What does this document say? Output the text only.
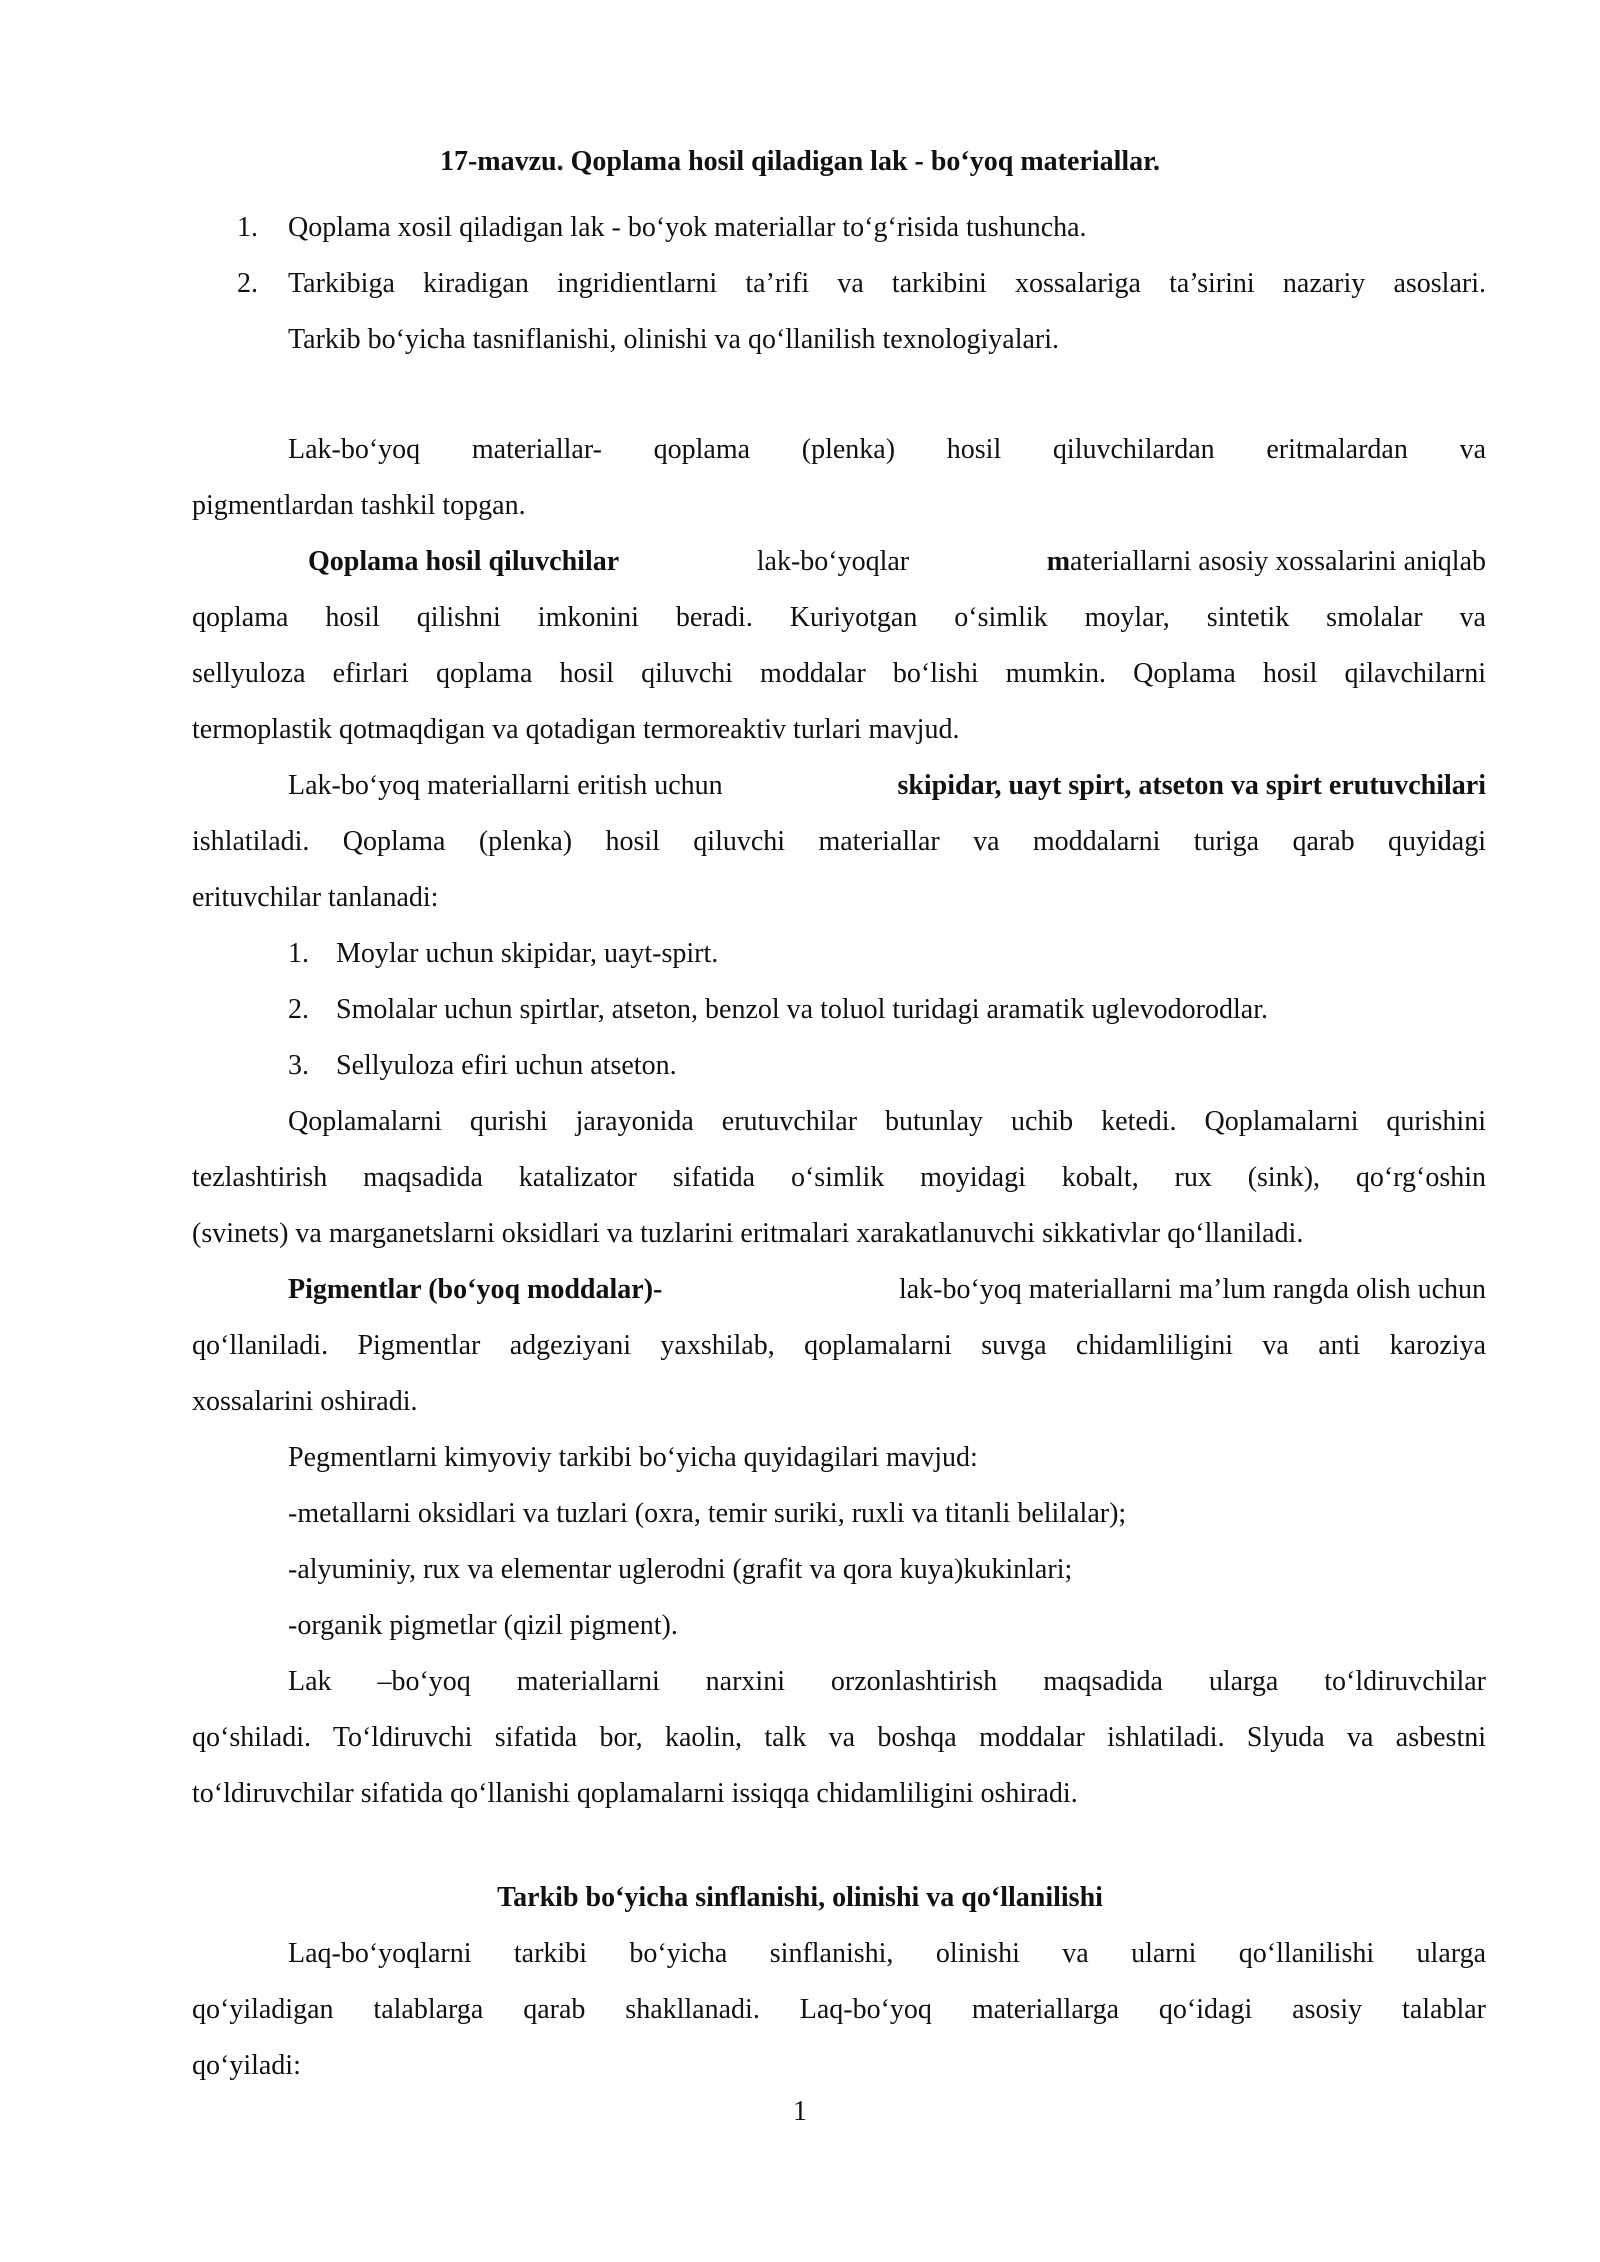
17-mavzu. Qoplama hosil qiladigan lak - bo‘yoq materiallar.
1. Qoplama xosil qiladigan lak - bo‘yok materiallar to‘g‘risida tushuncha.
2. Tarkibiga kiradigan ingridientlarni ta’rifi va tarkibini xossalariga ta’sirini nazariy asoslari.
Tarkib bo‘yicha tasniflanishi, olinishi va qo‘llanilish texnologiyalari.
Lak-bo‘yoq materiallar- qoplama (plenka) hosil qiluvchilardan eritmalardan va
pigmentlardan tashkil topgan.
Qoplama hosil qiluvchilar	lak-bo‘yoqlar	materiallarni asosiy xossalarini aniqlab
qoplama hosil qilishni imkonini beradi. Kuriyotgan o‘simlik moylar, sintetik smolalar va
sellyuloza efirlari qoplama hosil qiluvchi moddalar bo‘lishi mumkin. Qoplama hosil qilavchilarni
termoplastik qotmaqdigan va qotadigan termoreaktiv turlari mavjud.
Lak-bo‘yoq materiallarni eritish uchun	skipidar, uayt spirt, atseton va spirt erutuvchilari
ishlatiladi. Qoplama (plenka) hosil qiluvchi materiallar va moddalarni turiga qarab quyidagi
erituvchilar tanlanadi:
1. Moylar uchun skipidar, uayt-spirt.
2. Smolalar uchun spirtlar, atseton, benzol va toluol turidagi aramatik uglevodorodlar.
3. Sellyuloza efiri uchun atseton.
Qoplamalarni qurishi jarayonida erutuvchilar butunlay uchib ketedi. Qoplamalarni qurishini
tezlashtirish maqsadida katalizator sifatida o‘simlik moyidagi kobalt, rux (sink), qo‘rg‘oshin
(svinets) va marganetslarni oksidlari va tuzlarini eritmalari xarakatlanuvchi sikkativlar qo‘llaniladi.
Pigmentlar (bo‘yoq moddalar)-	lak-bo‘yoq materiallarni ma’lum rangda olish uchun
qo‘llaniladi. Pigmentlar adgeziyani yaxshilab, qoplamalarni suvga chidamliligini va anti karoziya
xossalarini oshiradi.
Pegmentlarni kimyoviy tarkibi bo‘yicha quyidagilari mavjud:
-metallarni oksidlari va tuzlari (oxra, temir suriki, ruxli va titanli belilalar);
-alyuminiy, rux va elementar uglerodni (grafit va qora kuya)kukinlari;
-organik pigmetlar (qizil pigment).
Lak –bo‘yoq materiallarni narxini orzonlashtirish maqsadida ularga to‘ldiruvchilar
qo‘shiladi. To‘ldiruvchi sifatida bor, kaolin, talk va boshqa moddalar ishlatiladi. Slyuda va asbestni
to‘ldiruvchilar sifatida qo‘llanishi qoplamalarni issiqqa chidamliligini oshiradi.
Tarkib bo‘yicha sinflanishi, olinishi va qo‘llanilishi
Laq-bo‘yoqlarni tarkibi bo‘yicha sinflanishi, olinishi va ularni qo‘llanilishi ularga
qo‘yiladigan talablarga qarab shakllanadi. Laq-bo‘yoq materiallarga qo‘idagi asosiy talablar
qo‘yiladi:
1
